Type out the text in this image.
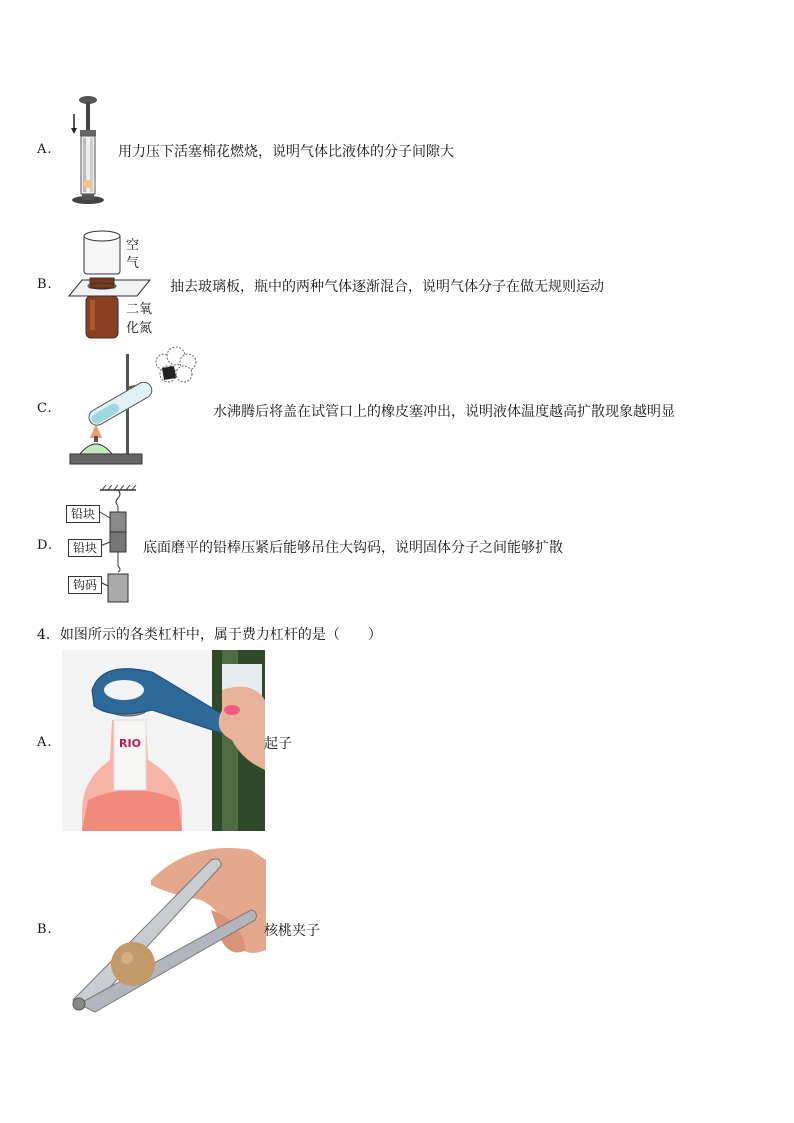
A.	用力压下活塞棉花燃烧，说明气体比液体的分子间隙大
B.
空
气
二氧
化氮
抽去玻璃板，瓶中的两种气体逐渐混合，说明气体分子在做无规则运动
C.	水沸腾后将盖在试管口上的橡皮塞冲出，说明液体温度越高扩散现象越明显
D.
铅块
铅块
钩码
底面磨平的铅棒压紧后能够吊住大钩码，说明固体分子之间能够扩散
4．如图所示的各类杠杆中，属于费力杠杆的是（　　）
A.	RIO	起子
B.	核桃夹子
